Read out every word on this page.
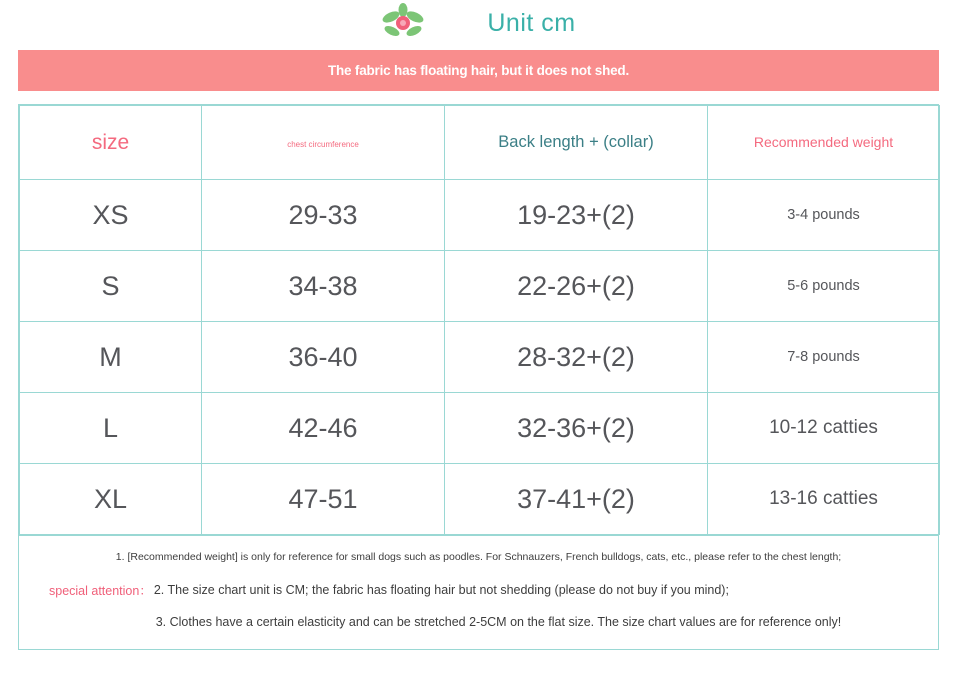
Unit cm
The fabric has floating hair, but it does not shed.
size	chest circumference	Back length + (collar)	Recommended weight
XS	29-33	19-23+(2)	3-4 pounds
S	34-38	22-26+(2)	5-6 pounds
M	36-40	28-32+(2)	7-8 pounds
L	42-46	32-36+(2)	10-12 catties
XL	47-51	37-41+(2)	13-16 catties
1. [Recommended weight] is only for reference for small dogs such as poodles. For Schnauzers, French bulldogs, cats, etc., please refer to the chest length;
special attention： 2. The size chart unit is CM; the fabric has floating hair but not shedding (please do not buy if you mind);
3. Clothes have a certain elasticity and can be stretched 2-5CM on the flat size. The size chart values are for reference only!
